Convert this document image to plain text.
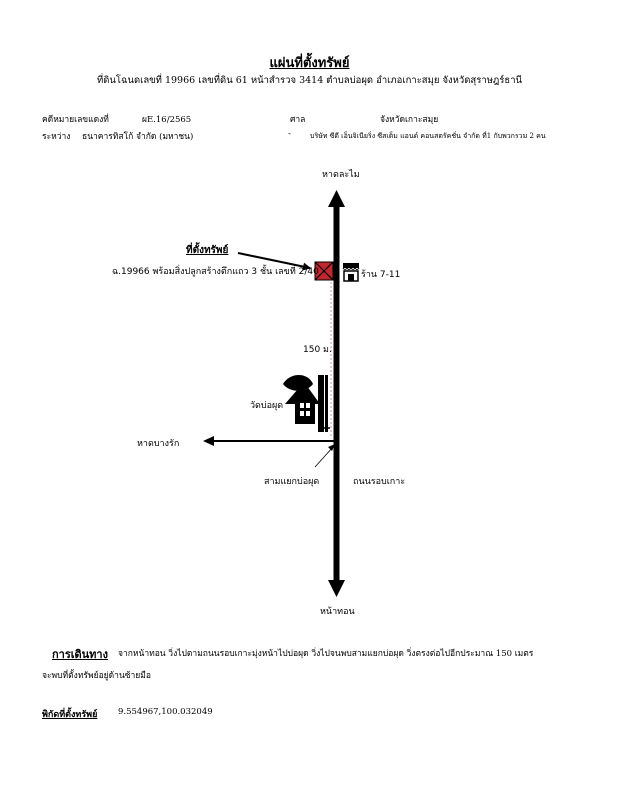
แผ่นที่ตั้งทรัพย์
ที่ดินโฉนดเลขที่ 19966 เลขที่ดิน 61 หน้าสำรวจ 3414 ตำบลบ่อผุด อำเภอเกาะสมุย จังหวัดสุราษฎร์ธานี
คดีหมายเลขแดงที่	ผE.16/2565	ศาล	จังหวัดเกาะสมุย
ระหว่าง ธนาคารทิสโก้ จำกัด (มหาชน)	-	บริษัท ซีดี เอ็นจิเนียริ่ง ซีสเต็ม แอนด์ คอนสตรัคชั่น จำกัด ที่1 กับพวกรวม 2 คน
หาดละไม
หน้าทอน
หาดบางรัก
ที่ตั้งทรัพย์
ฉ.19966 พร้อมสิ่งปลูกสร้างตึกแถว 3 ชั้น เลขที่ 2/40	ร้าน 7-11
150 ม.
วัดบ่อผุด
สามแยกบ่อผุด	ถนนรอบเกาะ
การเดินทาง จากหน้าทอน วิ่งไปตามถนนรอบเกาะมุ่งหน้าไปบ่อผุด วิ่งไปจนพบสามแยกบ่อผุด วิ่งตรงต่อไปอีกประมาณ 150 เมตร
จะพบที่ตั้งทรัพย์อยู่ด้านซ้ายมือ
พิกัดที่ตั้งทรัพย์ 9.554967,100.032049
